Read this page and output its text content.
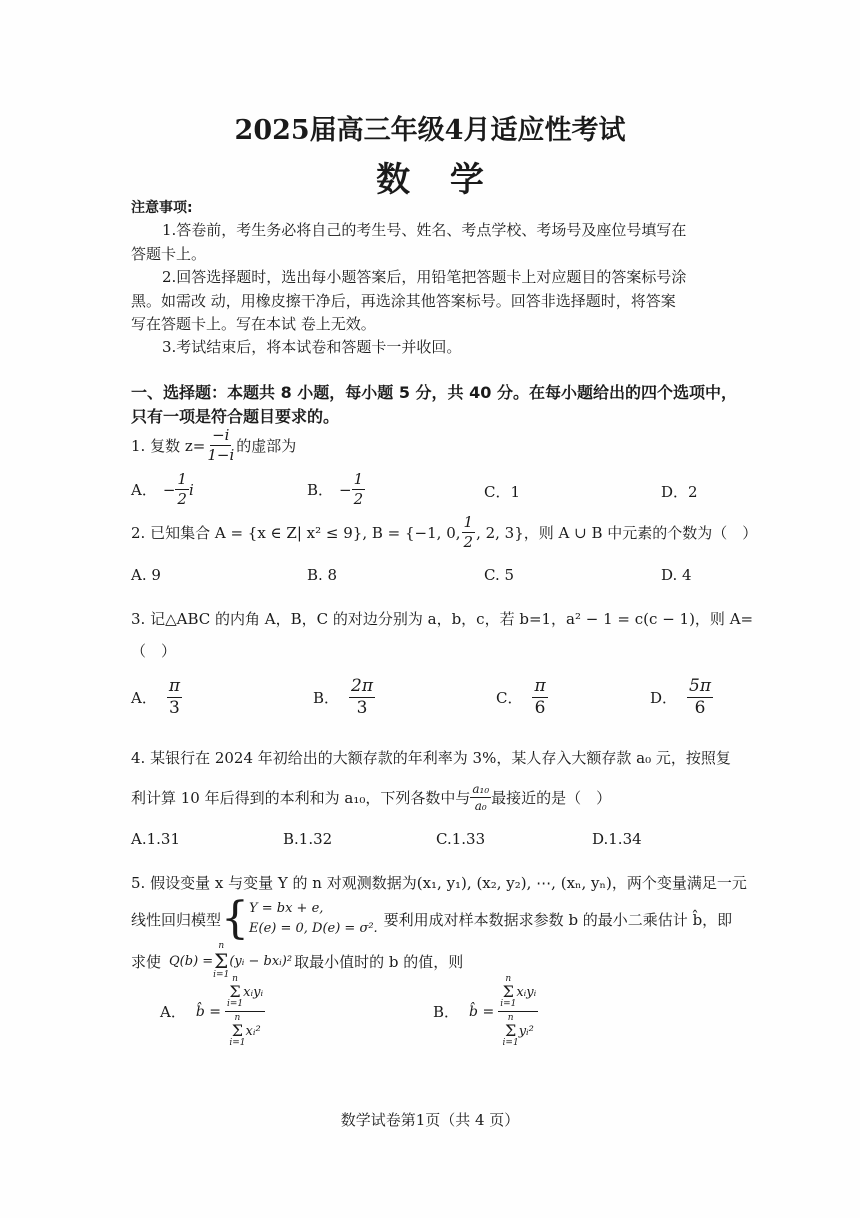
2025届高三年级4月适应性考试
数 学
注意事项:
1.答卷前，考生务必将自己的考生号、姓名、考点学校、考场号及座位号填写在
答题卡上。
2.回答选择题时，选出每小题答案后，用铅笔把答题卡上对应题目的答案标号涂
黑。如需改 动，用橡皮擦干净后，再选涂其他答案标号。回答非选择题时，将答案
写在答题卡上。写在本试 卷上无效。
3.考试结束后，将本试卷和答题卡一并收回。
一、选择题：本题共 8 小题，每小题 5 分，共 40 分。在每小题给出的四个选项中，
只有一项是符合题目要求的。
1. 复数 $z= \frac{-i}{1-i}$ 的虚部为
A． − $\frac{1}{2}$ i	B． − $\frac{1}{2}$	C．1	D．2
2. 已知集合 A = {x ∈ Z| x² ≤ 9}, B = {−1, 0, $\frac{1}{2}$ , 2, 3}，则 A ∪ B 中元素的个数为（　）
A. 9	B. 8	C. 5	D. 4
3. 记△ABC 的内角 A，B，C 的对边分别为 a，b，c，若 b=1，a² − 1 = c(c − 1)，则 A=
（　）
A． $\frac{\pi}{3}$	B． $\frac{2\pi}{3}$	C． $\frac{\pi}{6}$	D． $\frac{5\pi}{6}$
4. 某银行在 2024 年初给出的大额存款的年利率为 3%，某人存入大额存款 a₀ 元，按照复
利计算 10 年后得到的本利和为 a₁₀，下列各数中与 $\frac{\text{a₁₀}}{\text{a₀}}$ 最接近的是（　）
A.1.31	B.1.32	C.1.33	D.1.34
5. 假设变量 x 与变量 Y 的 n 对观测数据为(x₁, y₁), (x₂, y₂), ⋯, (xₙ, yₙ)，两个变量满足一元
线性回归模型 { Y = bx + e,
E(e) = 0, D(e) = σ². 要利用成对样本数据求参数 b 的最小二乘估计 b̂，即
求使 Q(b) =
n
Σ
i=1
(yᵢ − bxᵢ)² 取最小值时的 b 的值，则
A． b̂ = n
Σ
i=1
xᵢyᵢ
n
Σ
i=1
xᵢ²	B． b̂ = n
Σ
i=1
xᵢyᵢ
n
Σ
i=1
yᵢ²
数学试卷第1页（共 4 页）
